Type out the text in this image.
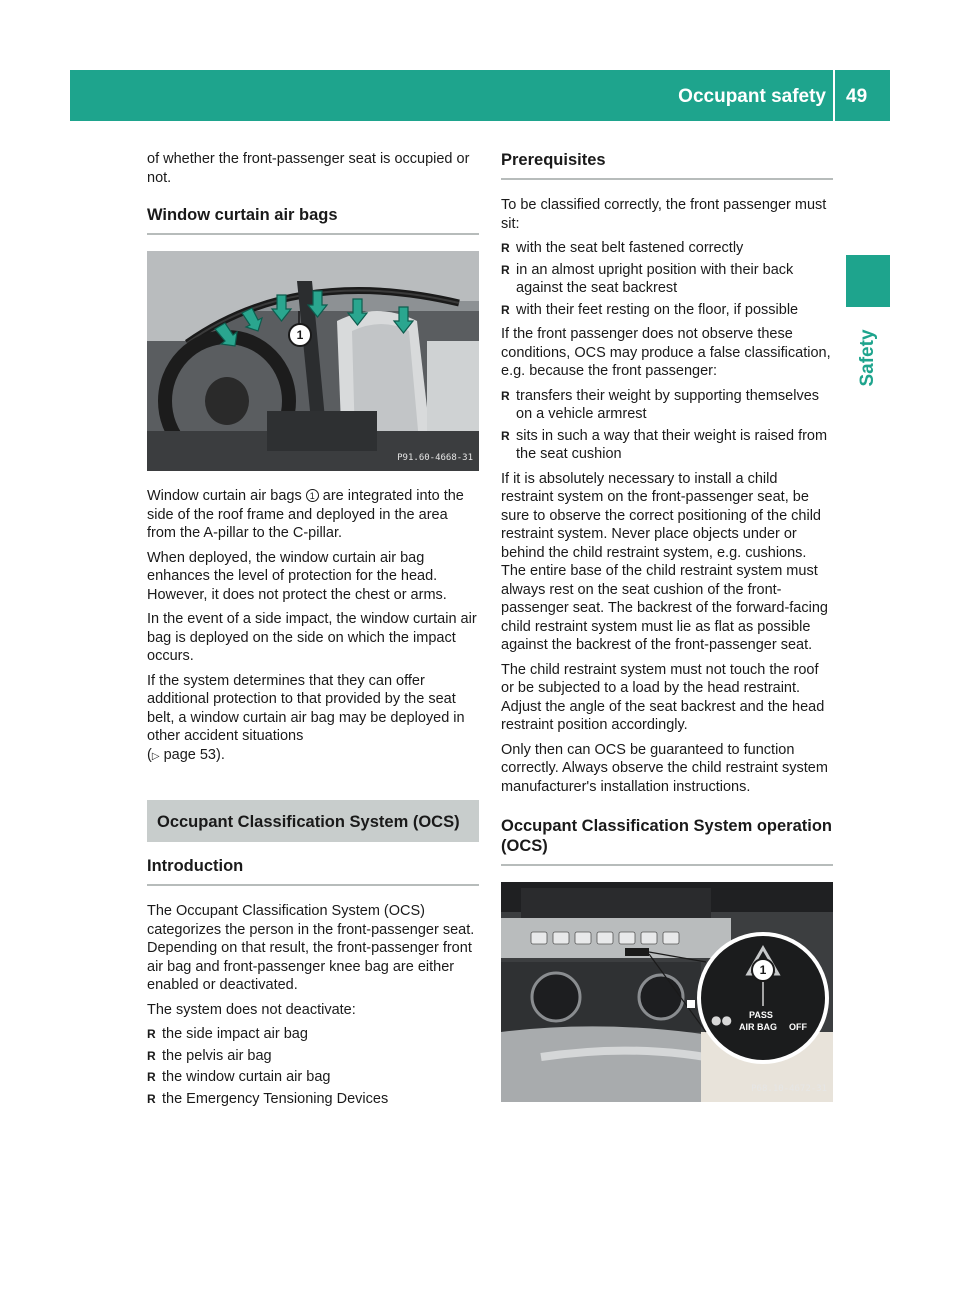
Occupant safety 49
Safety

of whether the front-passenger seat is occupied or not.

Window curtain air bags
1
P91.60-4668-31

Window curtain air bags 1 are integrated into the side of the roof frame and deployed in the area from the A-pillar to the C-pillar.

When deployed, the window curtain air bag enhances the level of protection for the head. However, it does not protect the chest or arms.

In the event of a side impact, the window curtain air bag is deployed on the side on which the impact occurs.

If the system determines that they can offer additional protection to that provided by the seat belt, a window curtain air bag may be deployed in other accident situations
(▷ page 53).

Occupant Classification System (OCS)
Introduction

The Occupant Classification System (OCS) categorizes the person in the front-passenger seat. Depending on that result, the front-passenger front air bag and front-passenger knee bag are either enabled or deactivated.

The system does not deactivate:

R the side impact air bag
R the pelvis air bag
R the window curtain air bag
R the Emergency Tensioning Devices
Prerequisites

To be classified correctly, the front passenger must sit:

R with the seat belt fastened correctly
R in an almost upright position with their back against the seat backrest
R with their feet resting on the floor, if possible

If the front passenger does not observe these conditions, OCS may produce a false classification, e.g. because the front passenger:

R transfers their weight by supporting themselves on a vehicle armrest
R sits in such a way that their weight is raised from the seat cushion

If it is absolutely necessary to install a child restraint system on the front-passenger seat, be sure to observe the correct positioning of the child restraint system. Never place objects under or behind the child restraint system, e.g. cushions. The entire base of the child restraint system must always rest on the seat cushion of the front-passenger seat. The backrest of the forward-facing child restraint system must lie as flat as possible against the backrest of the front-passenger seat.

The child restraint system must not touch the roof or be subjected to a load by the head restraint. Adjust the angle of the seat backrest and the head restraint position accordingly.

Only then can OCS be guaranteed to function correctly. Always observe the child restraint system manufacturer's installation instructions.

Occupant Classification System operation (OCS)
●●
1
PASS
AIR BAG OFF
P68.10-4672-31
